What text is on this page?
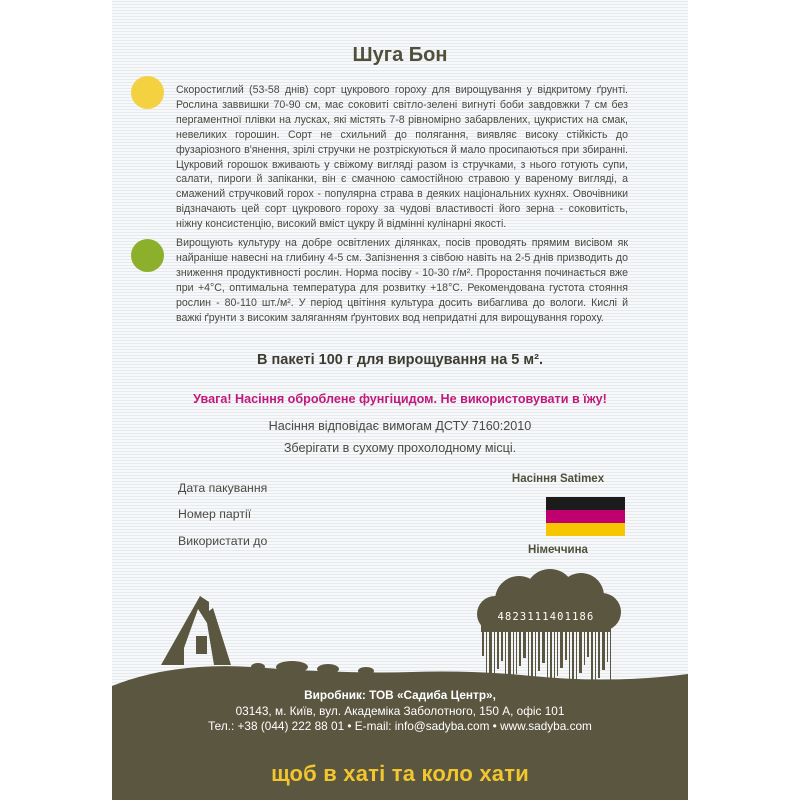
Шуга Бон

Скоростиглий (53-58 днів) сорт цукрового гороху для вирощування у відкритому ґрунті. Рослина заввишки 70-90 см, має соковиті світло-зелені вигнуті боби завдовжки 7 см без пергаментної плівки на лусках, які містять 7-8 рівномірно забарвлених, цукристих на смак, невеликих горошин. Сорт не схильний до полягання, виявляє високу стійкість до фузаріозного в'янення, зрілі стручки не розтріскуються й мало просипаються при збиранні. Цукровий горошок вживають у свіжому вигляді разом із стручками, з нього готують супи, салати, пироги й запіканки, він є смачною самостійною стравою у вареному вигляді, а смажений стручковий горох - популярна страва в деяких національних кухнях. Овочівники відзначають цей сорт цукрового гороху за чудові властивості його зерна - соковитість, ніжну консистенцію, високий вміст цукру й відмінні кулінарні якості.

Вирощують культуру на добре освітлених ділянках, посів проводять прямим висівом як найраніше навесні на глибину 4-5 см. Запізнення з сівбою навіть на 2-5 днів призводить до зниження продуктивності рослин. Норма посіву - 10-30 г/м². Проростання починається вже при +4°С, оптимальна температура для розвитку +18°С. Рекомендована густота стояння рослин - 80-110 шт./м². У період цвітіння культура досить вибаглива до вологи. Кислі й важкі ґрунти з високим заляганням ґрунтових вод непридатні для вирощування гороху.

В пакеті 100 г для вирощування на 5 м².
Увага! Насіння оброблене фунгіцидом. Не використовувати в їжу!
Насіння відповідає вимогам ДСТУ 7160:2010
Зберігати в сухому прохолодному місці.
Дата пакування
Номер партії
Використати до
Насіння Satimex
Німеччина
4823111401186
Виробник: ТОВ «Садиба Центр»,
03143, м. Київ, вул. Академіка Заболотного, 150 А, офіс 101
Тел.: +38 (044) 222 88 01 • E-mail: info@sadyba.com • www.sadyba.com
щоб в хаті та коло хати
